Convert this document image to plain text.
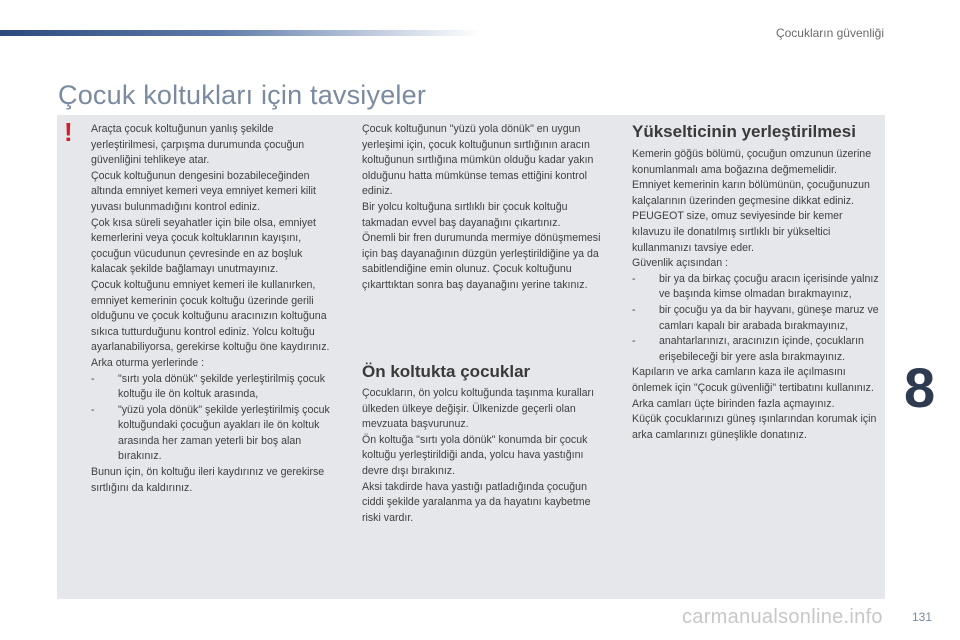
Çocukların güvenliği
Çocuk koltukları için tavsiyeler
! Araçta çocuk koltuğunun yanlış şekilde yerleştirilmesi, çarpışma durumunda çocuğun güvenliğini tehlikeye atar.

Çocuk koltuğunun dengesini bozabileceğinden altında emniyet kemeri veya emniyet kemeri kilit yuvası bulunmadığını kontrol ediniz.

Çok kısa süreli seyahatler için bile olsa, emniyet kemerlerini veya çocuk koltuklarının kayışını, çocuğun vücudunun çevresinde en az boşluk kalacak şekilde bağlamayı unutmayınız.

Çocuk koltuğunu emniyet kemeri ile kullanırken, emniyet kemerinin çocuk koltuğu üzerinde gerili olduğunu ve çocuk koltuğunu aracınızın koltuğuna sıkıca tutturduğunu kontrol ediniz. Yolcu koltuğu ayarlanabiliyorsa, gerekirse koltuğu öne kaydırınız.

Arka oturma yerlerinde :

- "sırtı yola dönük" şekilde yerleştirilmiş çocuk koltuğu ile ön koltuk arasında,
- "yüzü yola dönük" şekilde yerleştirilmiş çocuk koltuğundaki çocuğun ayakları ile ön koltuk arasında her zaman yeterli bir boş alan bırakınız.

Bunun için, ön koltuğu ileri kaydırınız ve gerekirse sırtlığını da kaldırınız.

Çocuk koltuğunun "yüzü yola dönük" en uygun yerleşimi için, çocuk koltuğunun sırtlığının aracın koltuğunun sırtlığına mümkün olduğu kadar yakın olduğunu hatta mümkünse temas ettiğini kontrol ediniz.

Bir yolcu koltuğuna sırtlıklı bir çocuk koltuğu takmadan evvel baş dayanağını çıkartınız.

Önemli bir fren durumunda mermiye dönüşmemesi için baş dayanağının düzgün yerleştirildiğine ya da sabitlendiğine emin olunuz. Çocuk koltuğunu çıkarttıktan sonra baş dayanağını yerine takınız.

Ön koltukta çocuklar

Çocukların, ön yolcu koltuğunda taşınma kuralları ülkeden ülkeye değişir. Ülkenizde geçerli olan mevzuata başvurunuz.

Ön koltuğa "sırtı yola dönük" konumda bir çocuk koltuğu yerleştirildiği anda, yolcu hava yastığını devre dışı bırakınız.

Aksi takdirde hava yastığı patladığında çocuğun ciddi şekilde yaralanma ya da hayatını kaybetme riski vardır.

Yükselticinin yerleştirilmesi

Kemerin göğüs bölümü, çocuğun omzunun üzerine konumlanmalı ama boğazına değmemelidir.

Emniyet kemerinin karın bölümünün, çocuğunuzun kalçalarının üzerinden geçmesine dikkat ediniz.

PEUGEOT size, omuz seviyesinde bir kemer kılavuzu ile donatılmış sırtlıklı bir yükseltici kullanmanızı tavsiye eder.

Güvenlik açısından :

- bir ya da birkaç çocuğu aracın içerisinde yalnız ve başında kimse olmadan bırakmayınız,
- bir çocuğu ya da bir hayvanı, güneşe maruz ve camları kapalı bir arabada bırakmayınız,
- anahtarlarınızı, aracınızın içinde, çocukların erişebileceği bir yere asla bırakmayınız.

Kapıların ve arka camların kaza ile açılmasını önlemek için "Çocuk güvenliği" tertibatını kullanınız.

Arka camları üçte birinden fazla açmayınız.

Küçük çocuklarınızı güneş ışınlarından korumak için arka camlarınızı güneşlikle donatınız.

8
carmanualsonline.info 131
